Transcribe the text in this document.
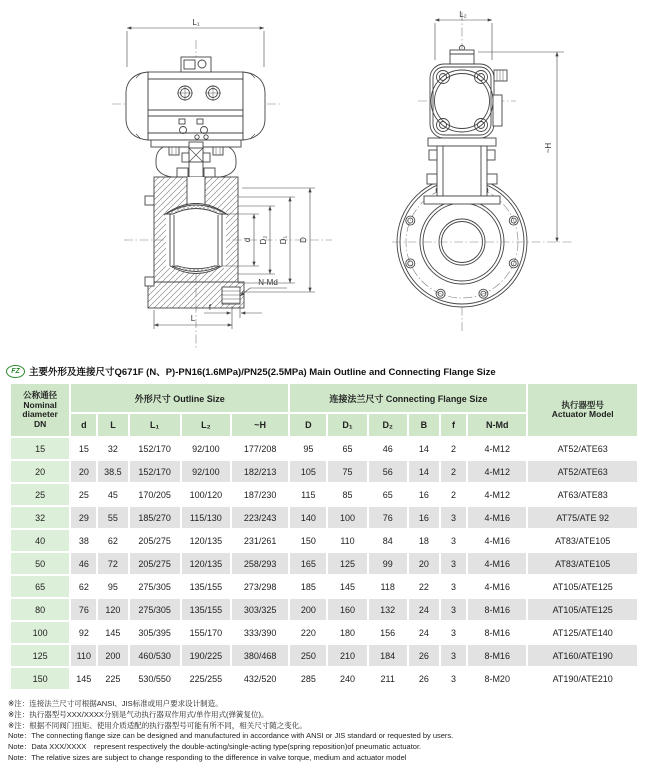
L₁
d D₂ D₁ D
N-Md
f
L
L₂
~H
FZ 主要外形及连接尺寸Q671F (N、P)-PN16(1.6MPa)/PN25(2.5MPa) Main Outline and Connecting Flange Size
公称通径
Nominal
diameter
DN
	外形尺寸 Outline Size	连接法兰尺寸 Connecting Flange Size	
执行器型号
Actuator Model

	d	L	L₁	L₂	~H	D	D₁	D₂	B	f	N-Md	
15	15	32	152/170	92/100	177/208	95	65	46	14	2	4-M12	AT52/ATE63
20	20	38.5	152/170	92/100	182/213	105	75	56	14	2	4-M12	AT52/ATE63
25	25	45	170/205	100/120	187/230	115	85	65	16	2	4-M12	AT63/ATE83
32	29	55	185/270	115/130	223/243	140	100	76	16	3	4-M16	AT75/ATE 92
40	38	62	205/275	120/135	231/261	150	110	84	18	3	4-M16	AT83/ATE105
50	46	72	205/275	120/135	258/293	165	125	99	20	3	4-M16	AT83/ATE105
65	62	95	275/305	135/155	273/298	185	145	118	22	3	4-M16	AT105/ATE125
80	76	120	275/305	135/155	303/325	200	160	132	24	3	8-M16	AT105/ATE125
100	92	145	305/395	155/170	333/390	220	180	156	24	3	8-M16	AT125/ATE140
125	110	200	460/530	190/225	380/468	250	210	184	26	3	8-M16	AT160/ATE190
150	145	225	530/550	225/255	432/520	285	240	211	26	3	8-M20	AT190/ATE210
※注：连接法兰尺寸可根据ANSI、JIS标准或用户要求设计制造。
※注：执行器型号XXX/XXXX分别是气动执行器双作用式/单作用式(弹簧复位)。
※注：根据不同阀门扭矩、使用介质适配的执行器型号可能有所不同，相关尺寸随之变化。
Note：The connecting flange size can be designed and manufactured in accordance with ANSI or JIS standard or requested by users.
Note：Data XXX/XXXX　represent respectively the double-acting/single-acting type(spring reposition)of pneumatic actuator.
Note：The relative sizes are subject to change responding to the difference in valve torque, medium and actuator model
